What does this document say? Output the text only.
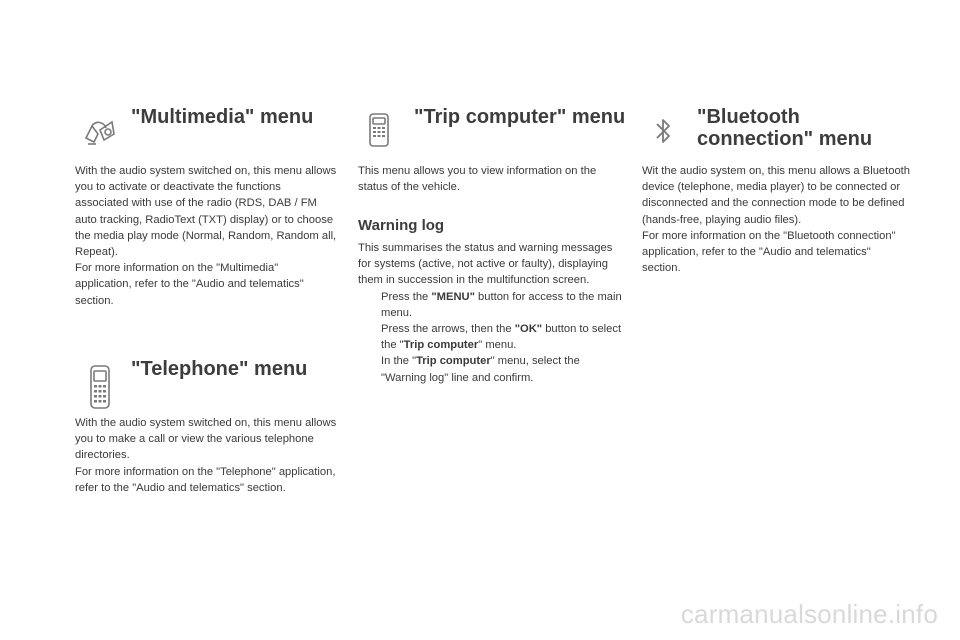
"Multimedia" menu

With the audio system switched on, this menu allows you to activate or deactivate the functions associated with use of the radio (RDS, DAB / FM auto tracking, RadioText (TXT) display) or to choose the media play mode (Normal, Random, Random all, Repeat).

For more information on the "Multimedia" application, refer to the "Audio and telematics" section.

"Telephone" menu

With the audio system switched on, this menu allows you to make a call or view the various telephone directories.

For more information on the "Telephone" application, refer to the "Audio and telematics" section.

"Trip computer" menu

This menu allows you to view information on the status of the vehicle.

Warning log

This summarises the status and warning messages for systems (active, not active or faulty), displaying them in succession in the multifunction screen.

Press the "MENU" button for access to the main menu.

Press the arrows, then the "OK" button to select the "Trip computer" menu.

In the "Trip computer" menu, select the "Warning log" line and confirm.

"Bluetooth
connection" menu

Wit the audio system on, this menu allows a Bluetooth device (telephone, media player) to be connected or disconnected and the connection mode to be defined (hands-free, playing audio files).

For more information on the "Bluetooth connection" application, refer to the "Audio and telematics" section.

carmanualsonline.info
